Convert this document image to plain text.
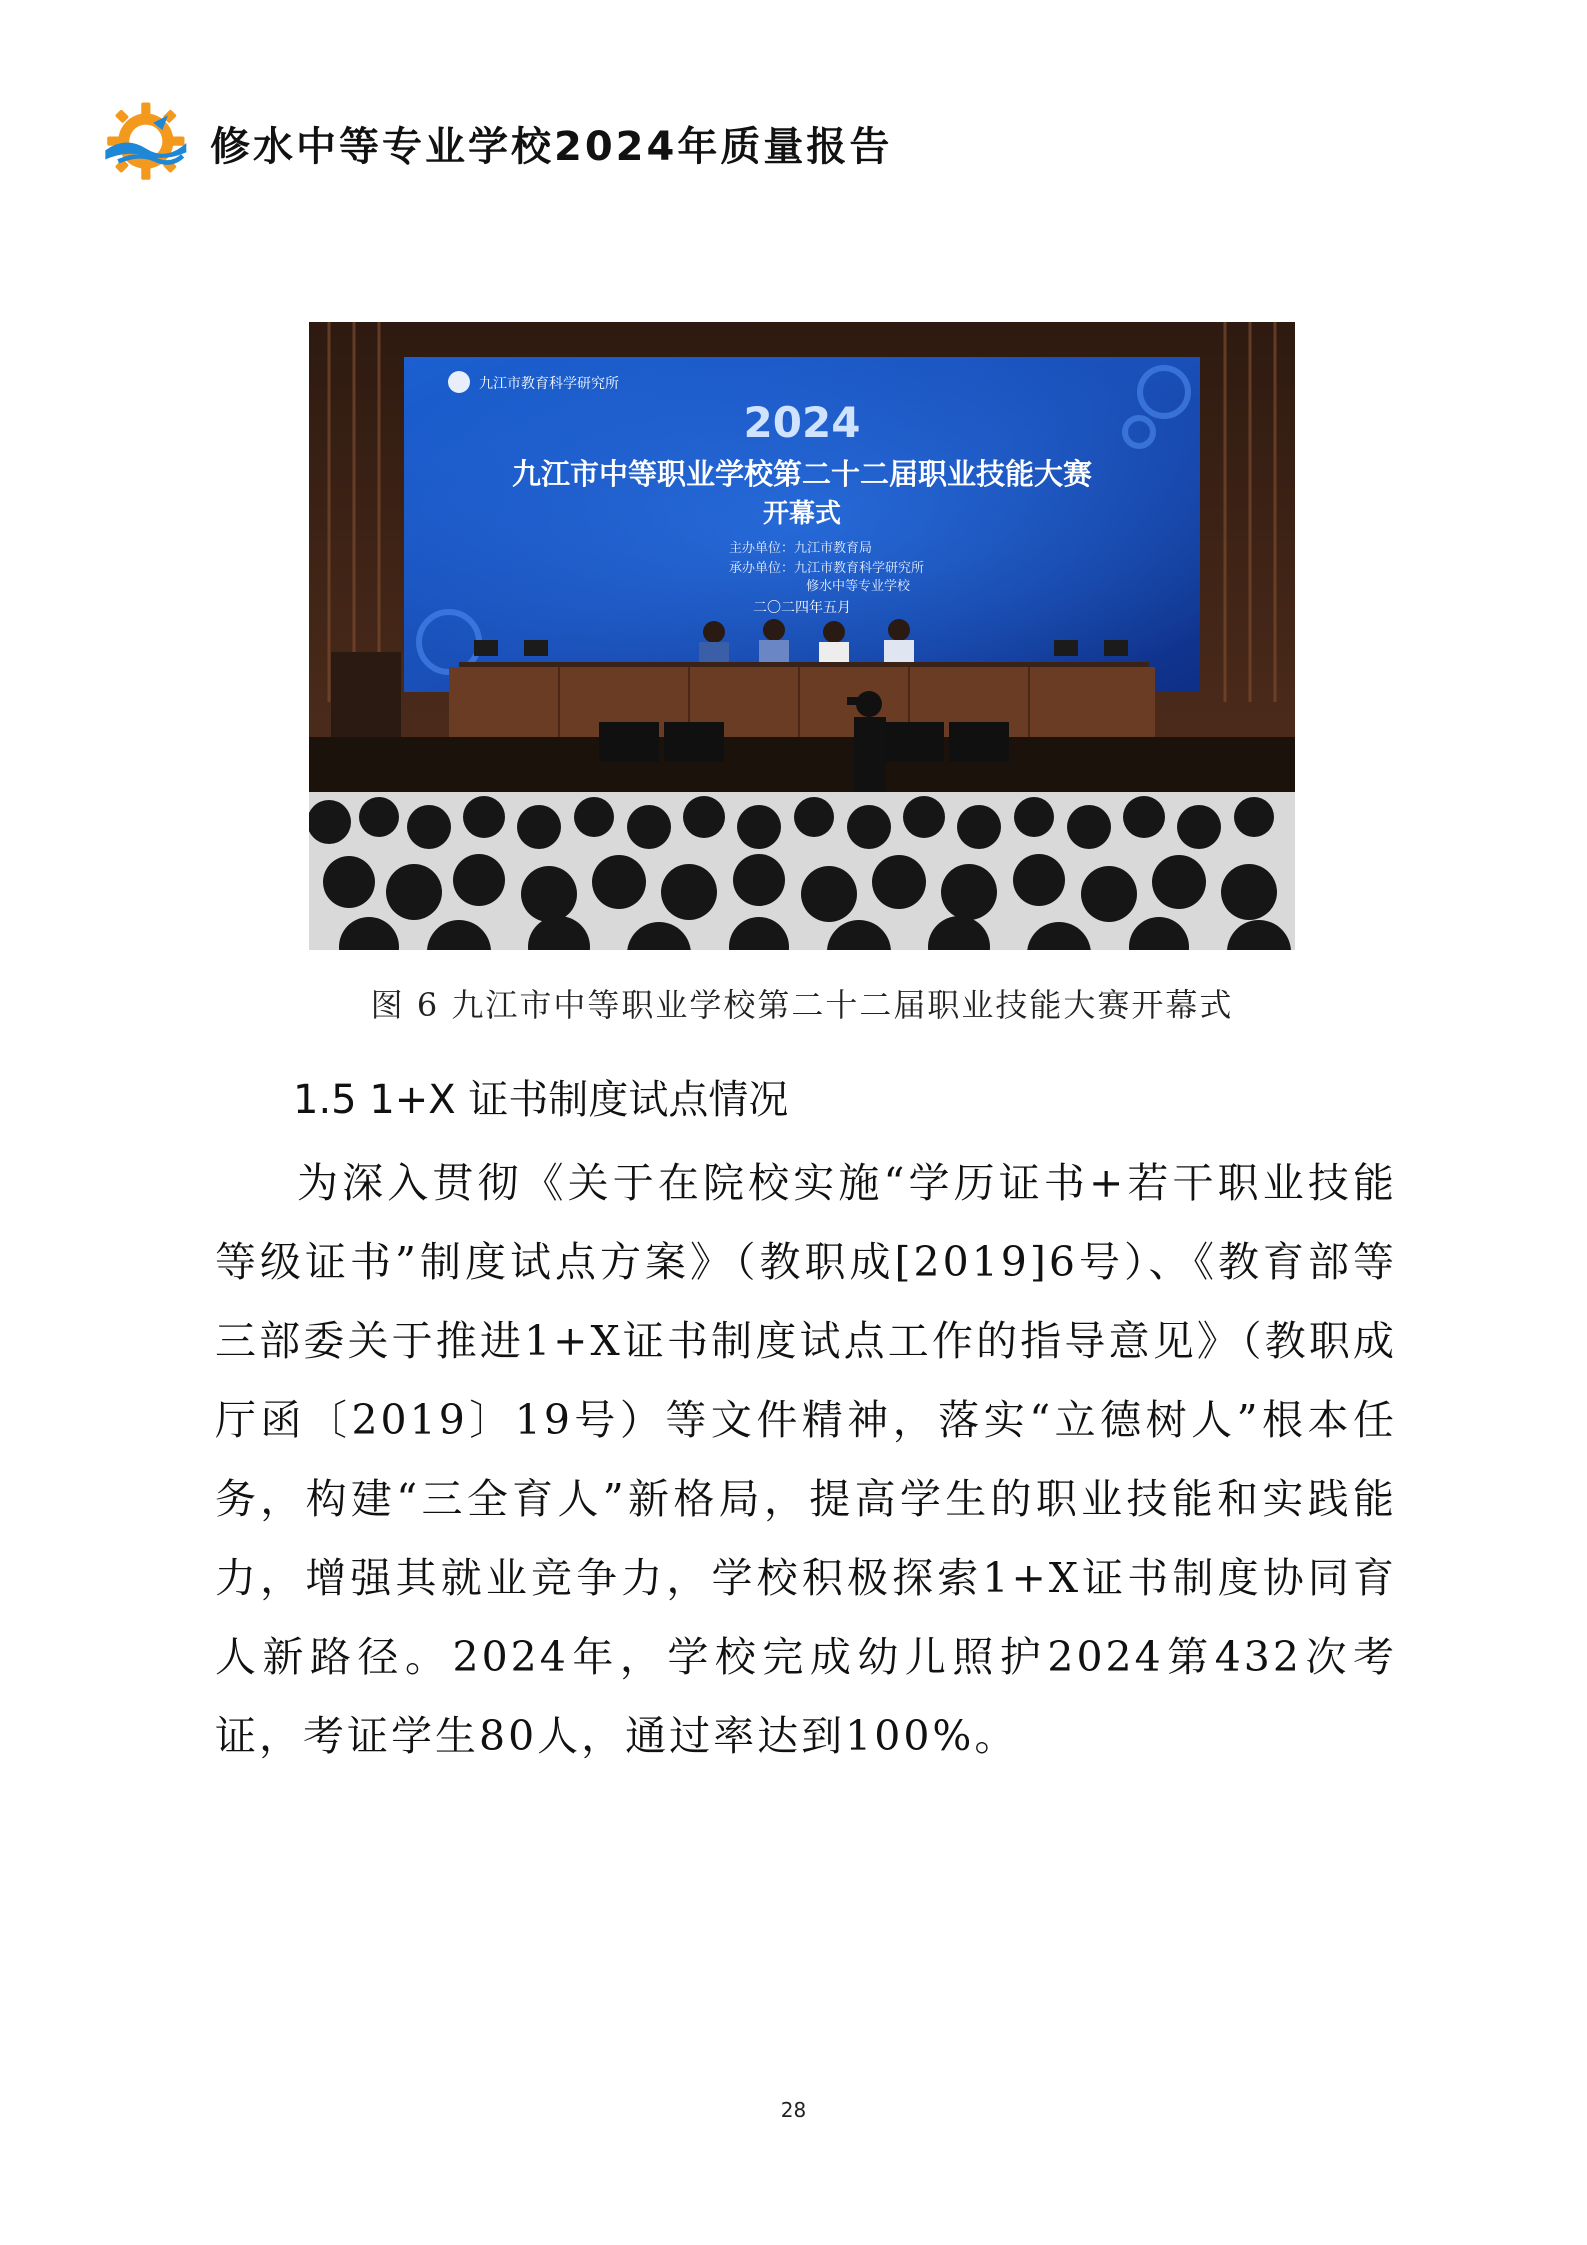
修水中等专业学校2024年质量报告
九江市教育科学研究所
2024
九江市中等职业学校第二十二届职业技能大赛
开幕式
主办单位：九江市教育局
承办单位：九江市教育科学研究所
修水中等专业学校
二〇二四年五月
图 6 九江市中等职业学校第二十二届职业技能大赛开幕式
1.5 1+X 证书制度试点情况

为深入贯彻《关于在院校实施“学历证书+若干职业技能等级证书”制度试点方案》（教职成[2019]6号）、《教育部等三部委关于推进1+X证书制度试点工作的指导意见》（教职成厅函〔2019〕19号）等文件精神，落实“立德树人”根本任务，构建“三全育人”新格局，提高学生的职业技能和实践能力，增强其就业竞争力，学校积极探索1+X证书制度协同育人新路径。2024年，学校完成幼儿照护2024第432次考证，考证学生80人，通过率达到100%。

28
